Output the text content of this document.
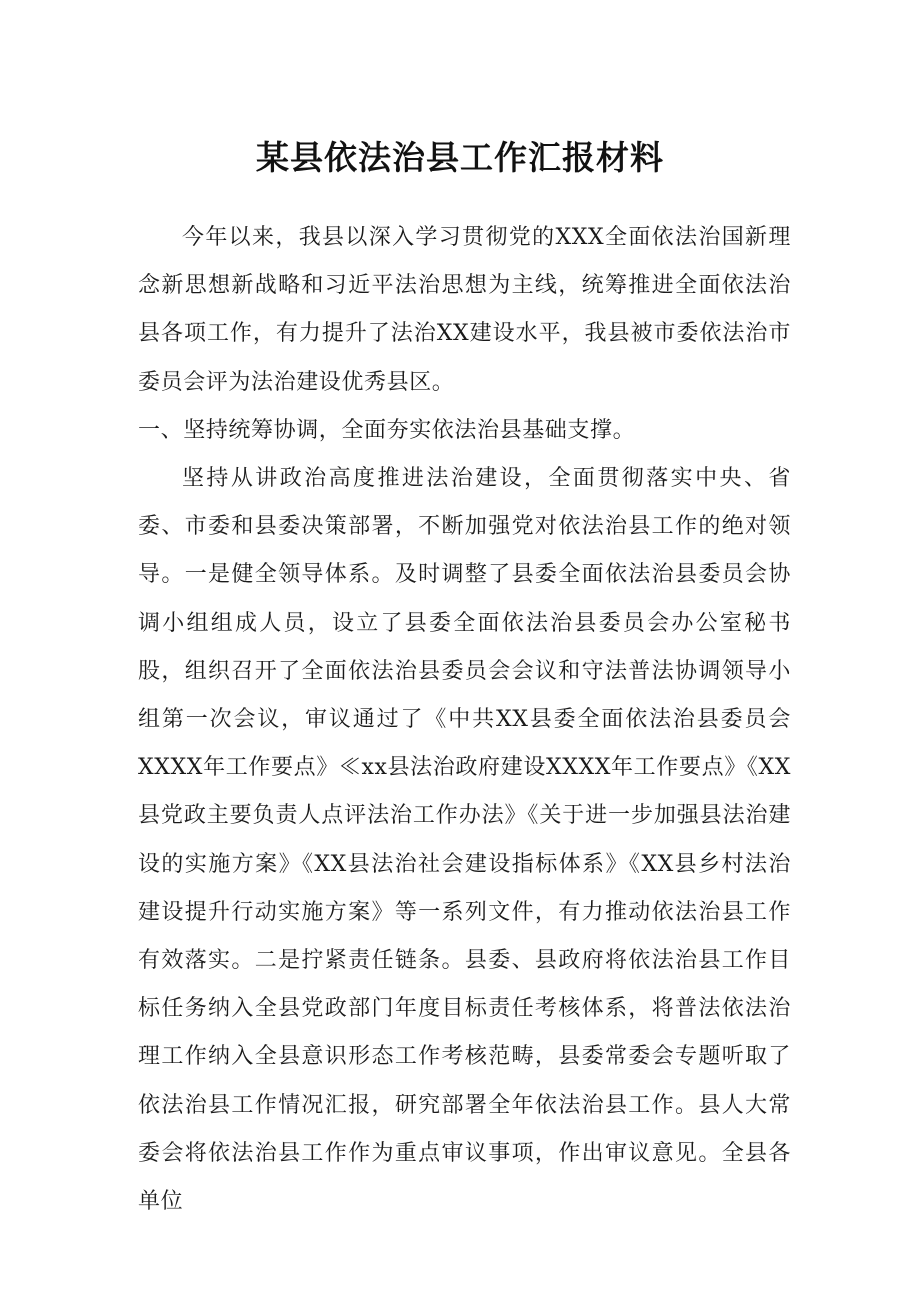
某县依法治县工作汇报材料

今年以来，我县以深入学习贯彻党的XXX全面依法治国新理念新思想新战略和习近平法治思想为主线，统筹推进全面依法治县各项工作，有力提升了法治XX建设水平，我县被市委依法治市委员会评为法治建设优秀县区。

一、坚持统筹协调，全面夯实依法治县基础支撑。

坚持从讲政治高度推进法治建设，全面贯彻落实中央、省委、市委和县委决策部署，不断加强党对依法治县工作的绝对领导。一是健全领导体系。及时调整了县委全面依法治县委员会协调小组组成人员，设立了县委全面依法治县委员会办公室秘书股，组织召开了全面依法治县委员会会议和守法普法协调领导小组第一次会议，审议通过了《中共XX县委全面依法治县委员会XXXX年工作要点》≪xx县法治政府建设XXXX年工作要点》《XX县党政主要负责人点评法治工作办法》《关于进一步加强县法治建设的实施方案》《XX县法治社会建设指标体系》《XX县乡村法治建设提升行动实施方案》等一系列文件，有力推动依法治县工作有效落实。二是拧紧责任链条。县委、县政府将依法治县工作目标任务纳入全县党政部门年度目标责任考核体系，将普法依法治理工作纳入全县意识形态工作考核范畴，县委常委会专题听取了依法治县工作情况汇报，研究部署全年依法治县工作。县人大常委会将依法治县工作作为重点审议事项，作出审议意见。全县各单位
